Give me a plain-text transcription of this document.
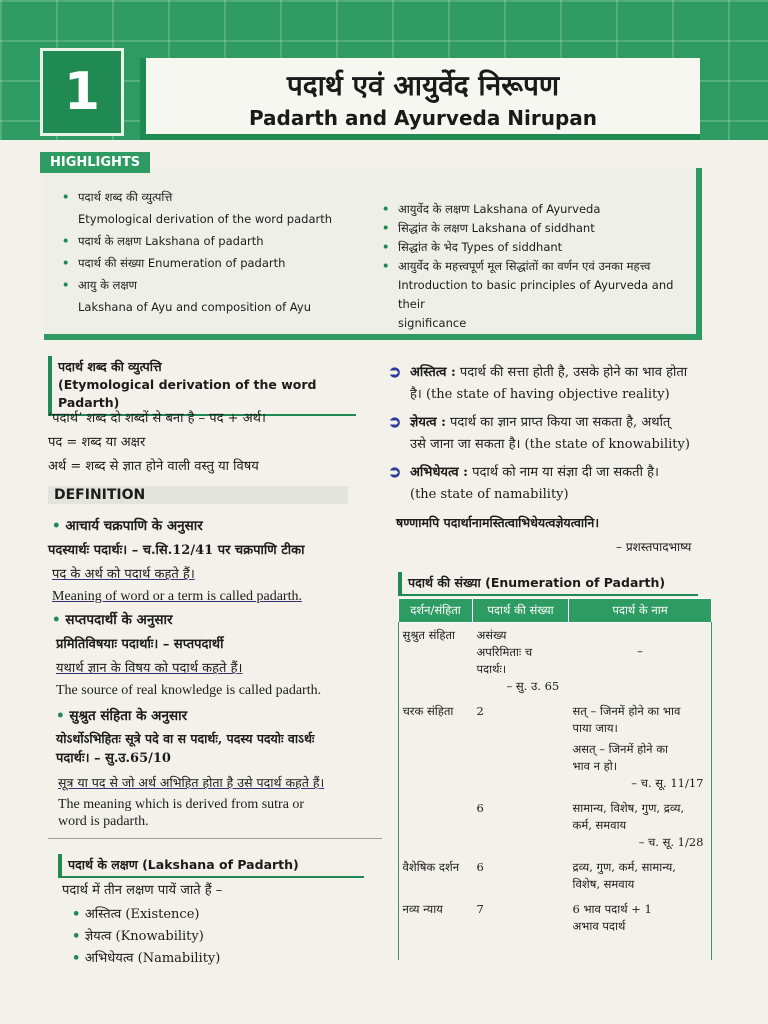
1	पदार्थ एवं आयुर्वेद निरूपण
Padarth and Ayurveda Nirupan
HIGHLIGHTS
• पदार्थ शब्द की व्युत्पत्ति
Etymological derivation of the word padarth
• पदार्थ के लक्षण Lakshana of padarth
• पदार्थ की संख्या Enumeration of padarth
• आयु के लक्षण
Lakshana of Ayu and composition of Ayu
• आयुर्वेद के लक्षण Lakshana of Ayurveda
• सिद्धांत के लक्षण Lakshana of siddhant
• सिद्धांत के भेद Types of siddhant
• आयुर्वेद के महत्त्वपूर्ण मूल सिद्धांतों का वर्णन एवं उनका महत्त्व
Introduction to basic principles of Ayurveda and their
significance
पदार्थ शब्द की व्युत्पत्ति
(Etymological derivation of the word Padarth)
‘पदार्थ’ शब्द दो शब्दों से बना है – पद + अर्थ।
पद = शब्द या अक्षर
अर्थ = शब्द से ज्ञात होने वाली वस्तु या विषय
DEFINITION
• आचार्य चक्रपाणि के अनुसार
पदस्यार्थः पदार्थः। – च.सि.12/41 पर चक्रपाणि टीका
पद के अर्थ को पदार्थ कहते हैं।
Meaning of word or a term is called padarth.
• सप्तपदार्थी के अनुसार
प्रमितिविषयाः पदार्थाः। – सप्तपदार्थी
यथार्थ ज्ञान के विषय को पदार्थ कहते हैं।
The source of real knowledge is called padarth.
• सुश्रुत संहिता के अनुसार
योऽर्थोऽभिहितः सूत्रे पदे वा स पदार्थः, पदस्य पदयोः वाऽर्थः
पदार्थः। – सु.उ.65/10
सूत्र या पद से जो अर्थ अभिहित होता है उसे पदार्थ कहते हैं।
The meaning which is derived from sutra or
word is padarth.
पदार्थ के लक्षण (Lakshana of Padarth)
पदार्थ में तीन लक्षण पायें जाते हैं –
• अस्तित्व (Existence)
• ज्ञेयत्व (Knowability)
• अभिधेयत्व (Namability)
➲ अस्तित्व : पदार्थ की सत्ता होती है, उसके होने का भाव होता
है। (the state of having objective reality)
➲ ज्ञेयत्व : पदार्थ का ज्ञान प्राप्त किया जा सकता है, अर्थात्
उसे जाना जा सकता है। (the state of knowability)
➲ अभिधेयत्व : पदार्थ को नाम या संज्ञा दी जा सकती है।
(the state of namability)
षण्णामपि पदार्थानामस्तित्वाभिधेयत्वज्ञेयत्वानि।
– प्रशस्तपादभाष्य
पदार्थ की संख्या (Enumeration of Padarth)
दर्शन/संहिता	पदार्थ की संख्या	पदार्थ के नाम
सुश्रुत संहिता	असंख्य
अपरिमिताः च
पदार्थः।
– सु. उ. 65	–
चरक संहिता	2	सत् – जिनमें होने का भाव
पाया जाय।
असत् – जिनमें होने का
भाव न हो।
– च. सू. 11/17

	6	सामान्य, विशेष, गुण, द्रव्य,
कर्म, समवाय
– च. सू. 1/28

वैशेषिक दर्शन	6	द्रव्य, गुण, कर्म, सामान्य,
विशेष, समवाय

नव्य न्याय	7	6 भाव पदार्थ + 1
अभाव पदार्थ
